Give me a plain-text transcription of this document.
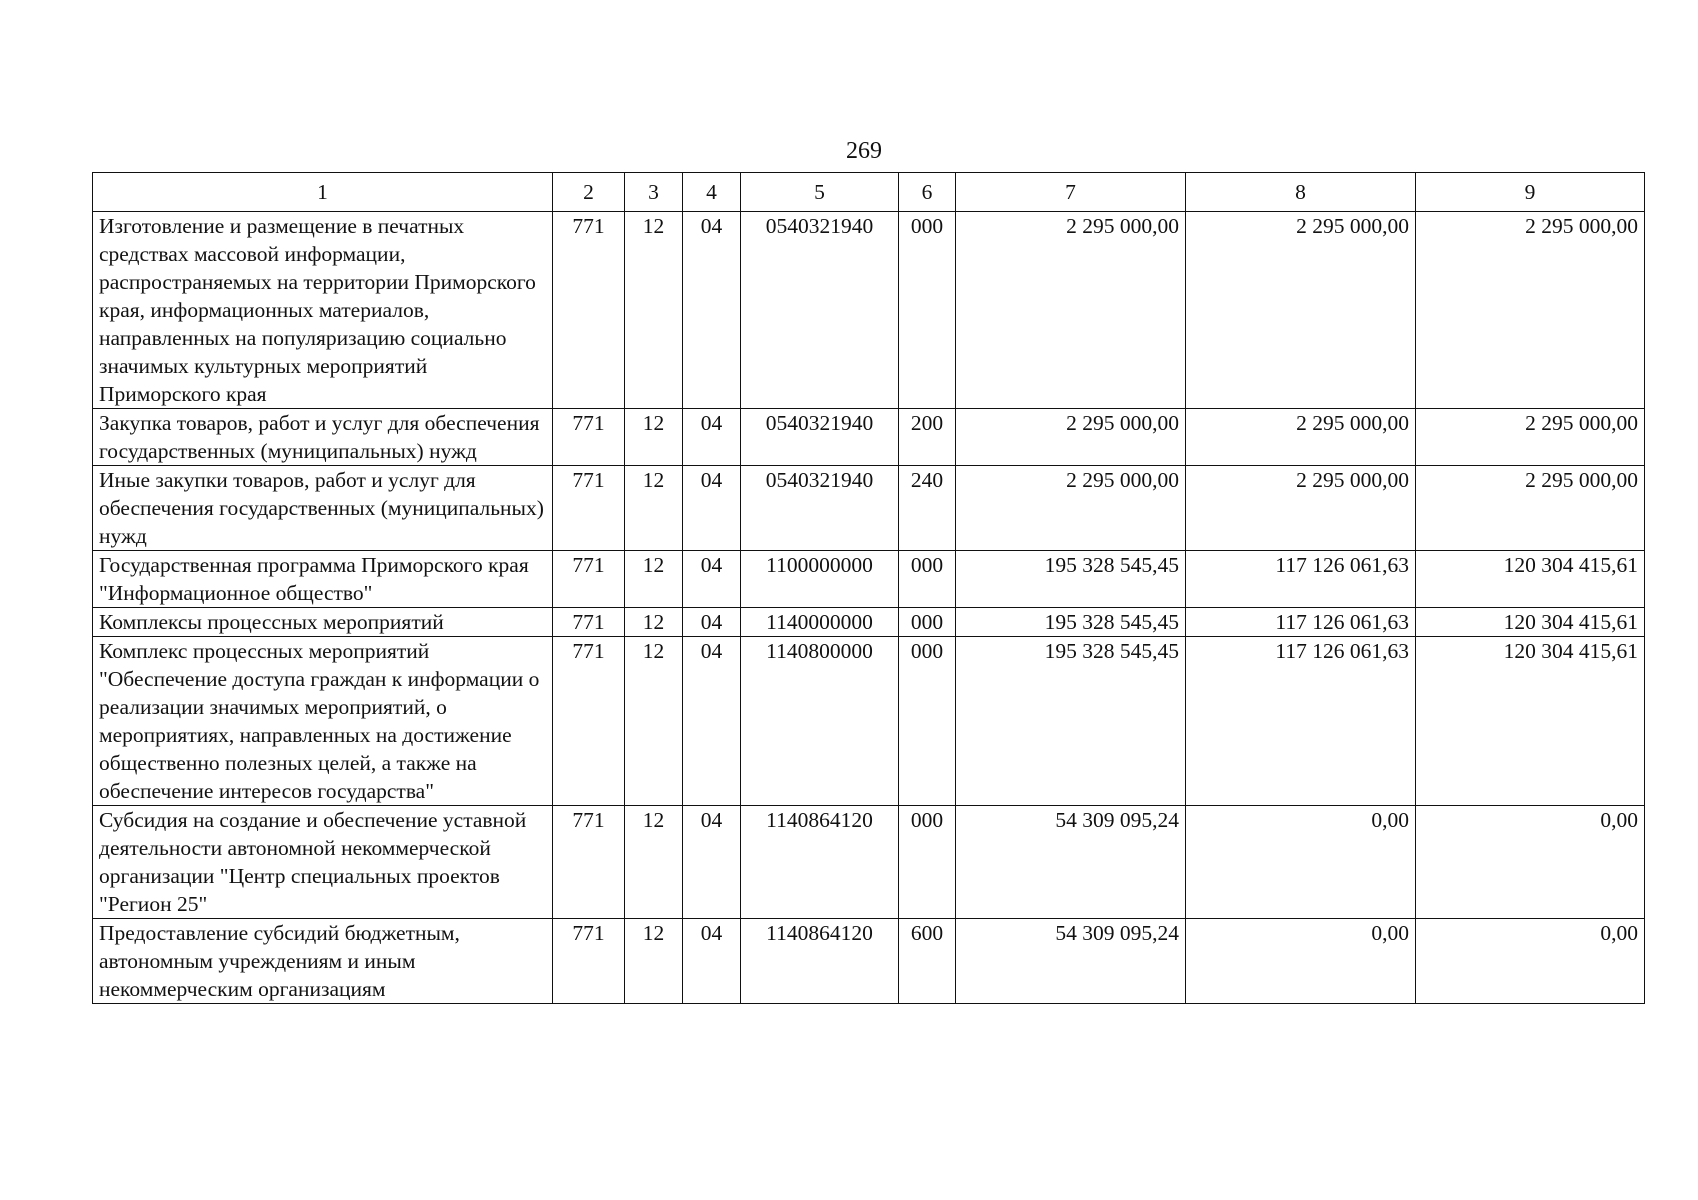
269
1	2	3	4	5	6	7	8	9
Изготовление и размещение в печатных средствах массовой информации, распространяемых на территории Приморского края, информационных материалов, направленных на популяризацию социально значимых культурных мероприятий Приморского края	771	12	04	0540321940	000	2 295 000,00	2 295 000,00	2 295 000,00
Закупка товаров, работ и услуг для обеспечения государственных (муниципальных) нужд	771	12	04	0540321940	200	2 295 000,00	2 295 000,00	2 295 000,00
Иные закупки товаров, работ и услуг для обеспечения государственных (муниципальных) нужд	771	12	04	0540321940	240	2 295 000,00	2 295 000,00	2 295 000,00
Государственная программа Приморского края "Информационное общество"	771	12	04	1100000000	000	195 328 545,45	117 126 061,63	120 304 415,61
Комплексы процессных мероприятий	771	12	04	1140000000	000	195 328 545,45	117 126 061,63	120 304 415,61
Комплекс процессных мероприятий "Обеспечение доступа граждан к информации о реализации значимых мероприятий, о мероприятиях, направленных на достижение общественно полезных целей, а также на обеспечение интересов государства"	771	12	04	1140800000	000	195 328 545,45	117 126 061,63	120 304 415,61
Субсидия на создание и обеспечение уставной деятельности автономной некоммерческой организации "Центр специальных проектов "Регион 25"	771	12	04	1140864120	000	54 309 095,24	0,00	0,00
Предоставление субсидий бюджетным, автономным учреждениям и иным некоммерческим организациям	771	12	04	1140864120	600	54 309 095,24	0,00	0,00
